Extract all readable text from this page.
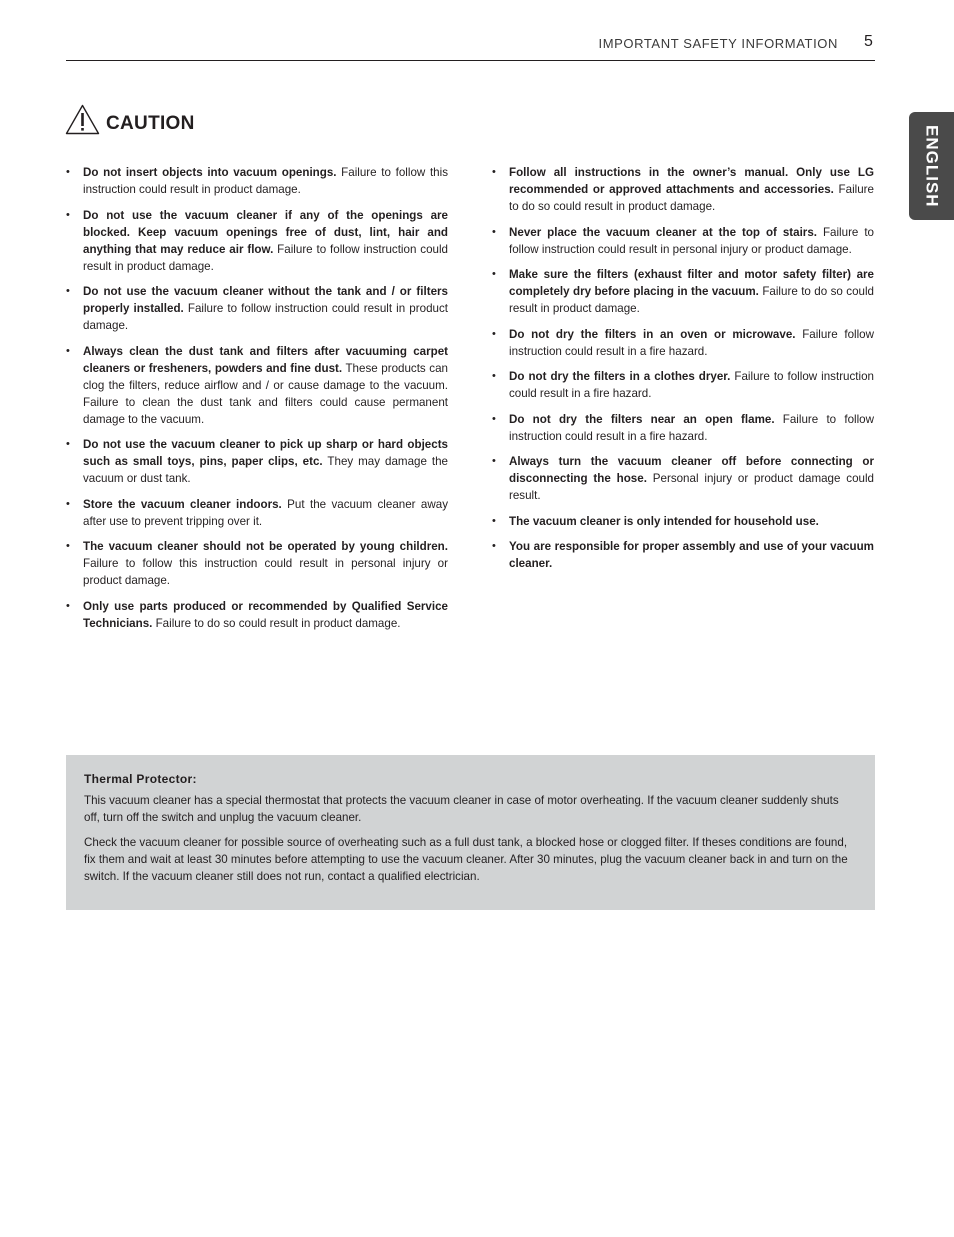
IMPORTANT SAFETY INFORMATION 5
ENGLISH
CAUTION
• Do not insert objects into vacuum openings. Failure to follow this instruction could result in product damage.
• Do not use the vacuum cleaner if any of the openings are blocked. Keep vacuum openings free of dust, lint, hair and anything that may reduce air flow. Failure to follow instruction could result in product damage.
• Do not use the vacuum cleaner without the tank and / or filters properly installed. Failure to follow instruction could result in product damage.
• Always clean the dust tank and filters after vacuuming carpet cleaners or fresheners, powders and fine dust. These products can clog the filters, reduce airflow and / or cause damage to the vacuum. Failure to clean the dust tank and filters could cause permanent damage to the vacuum.
• Do not use the vacuum cleaner to pick up sharp or hard objects such as small toys, pins, paper clips, etc. They may damage the vacuum or dust tank.
• Store the vacuum cleaner indoors. Put the vacuum cleaner away after use to prevent tripping over it.
• The vacuum cleaner should not be operated by young children. Failure to follow this instruction could result in personal injury or product damage.
• Only use parts produced or recommended by Qualified Service Technicians. Failure to do so could result in product damage.
• Follow all instructions in the owner’s manual. Only use LG recommended or approved attachments and accessories. Failure to do so could result in product damage.
• Never place the vacuum cleaner at the top of stairs. Failure to follow instruction could result in personal injury or product damage.
• Make sure the filters (exhaust filter and motor safety filter) are completely dry before placing in the vacuum. Failure to do so could result in product damage.
• Do not dry the filters in an oven or microwave. Failure follow instruction could result in a fire hazard.
• Do not dry the filters in a clothes dryer. Failure to follow instruction could result in a fire hazard.
• Do not dry the filters near an open flame. Failure to follow instruction could result in a fire hazard.
• Always turn the vacuum cleaner off before connecting or disconnecting the hose. Personal injury or product damage could result.
• The vacuum cleaner is only intended for household use.
• You are responsible for proper assembly and use of your vacuum cleaner.
Thermal Protector:

This vacuum cleaner has a special thermostat that protects the vacuum cleaner in case of motor overheating. If the vacuum cleaner suddenly shuts off, turn off the switch and unplug the vacuum cleaner.

Check the vacuum cleaner for possible source of overheating such as a full dust tank, a blocked hose or clogged filter. If theses conditions are found, fix them and wait at least 30 minutes before attempting to use the vacuum cleaner. After 30 minutes, plug the vacuum cleaner back in and turn on the switch. If the vacuum cleaner still does not run, contact a qualified electrician.
